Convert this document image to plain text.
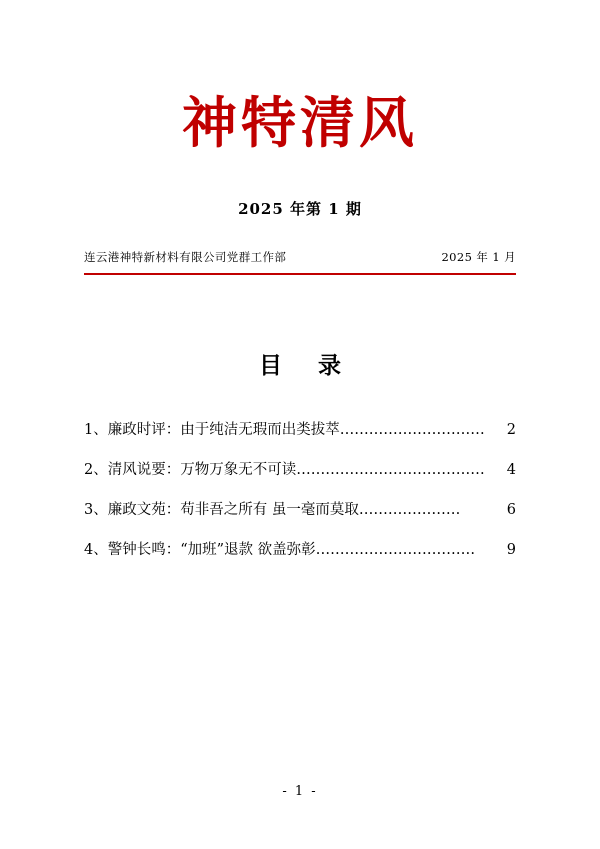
神特清风
2025 年第 1 期
连云港神特新材料有限公司党群工作部	2025 年 1 月
目 录
1、廉政时评：由于纯洁无瑕而出类拔萃 …………………………	2
2、清风说要：万物万象无不可读 …………………………………	4
3、廉政文苑：苟非吾之所有 虽一毫而莫取 …………………	6
4、警钟长鸣：“加班”退款 欲盖弥彰 ……………………………	9
- 1 -
